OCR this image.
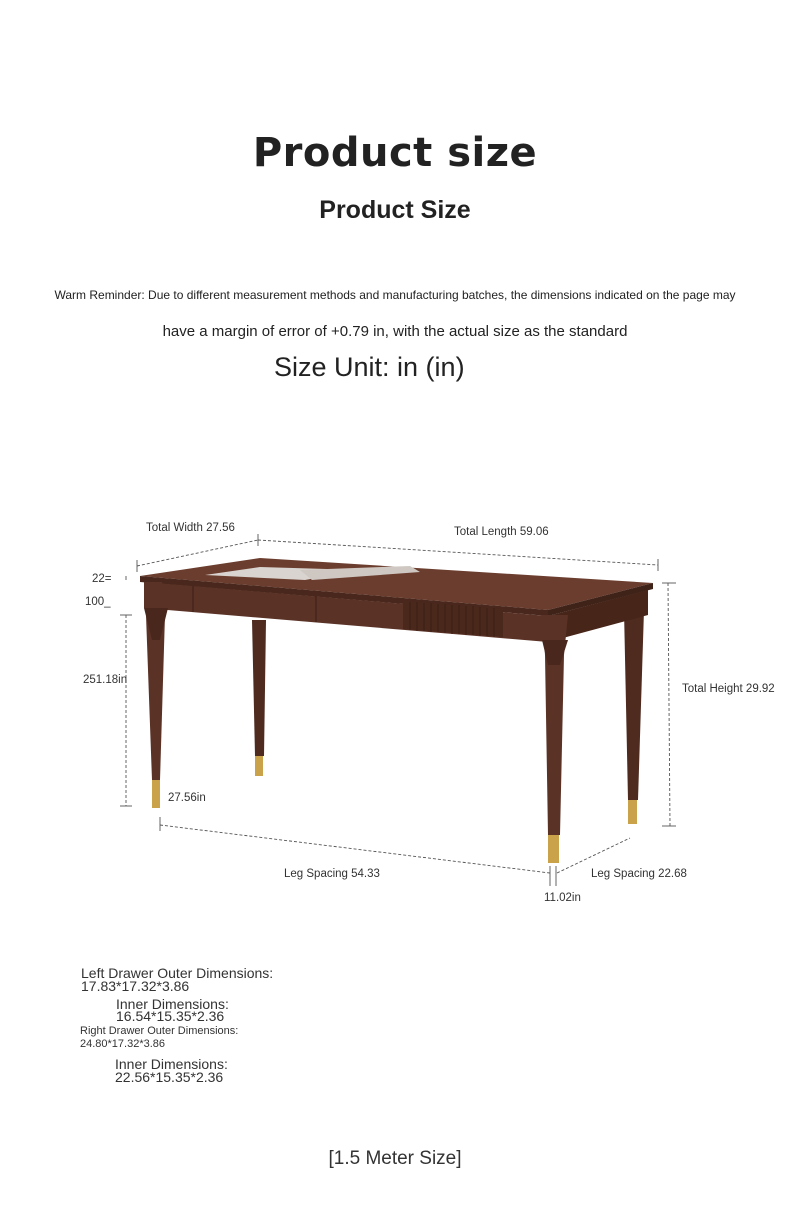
Product size
Product Size
Warm Reminder: Due to different measurement methods and manufacturing batches, the dimensions indicated on the page may
have a margin of error of +0.79 in, with the actual size as the standard
Size Unit: in (in)
Total Width 27.56	Total Length 59.06
Total Height 29.92
22=
100_
251.18in
27.56in
Leg Spacing 54.33	Leg Spacing 22.68
11.02in
Left Drawer Outer Dimensions:
17.83*17.32*3.86
Inner Dimensions:
16.54*15.35*2.36
Right Drawer Outer Dimensions:
24.80*17.32*3.86
Inner Dimensions:
22.56*15.35*2.36
[1.5 Meter Size]
